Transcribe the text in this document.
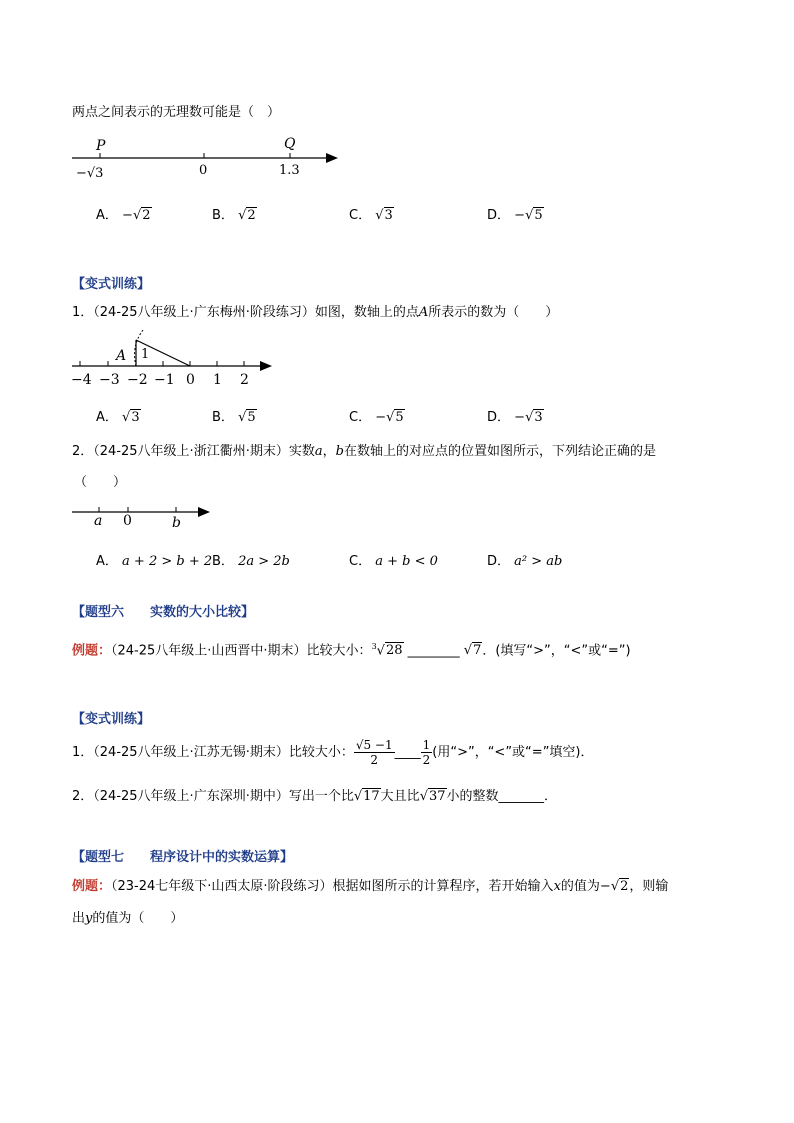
两点之间表示的无理数可能是（　）
P	Q
−√3	0	1.3
A． −√2	B． √2	C． √3	D． −√5
【变式训练】
1．（24-25八年级上·广东梅州·阶段练习）如图，数轴上的点A所表示的数为（　　）
A 1
−4 −3 −2 −1 0 1 2
A． √3	B． √5	C． −√5	D． −√3
2．（24-25八年级上·浙江衢州·期末）实数a，b在数轴上的对应点的位置如图所示，下列结论正确的是
（　　）
a 0	b
A． a + 2 > b + 2 B． 2a > 2b	C． a + b < 0	D． a² > ab
【题型六　　实数的大小比较】
例题：（24-25八年级上·山西晋中·期末）比较大小：$^3$√28 ________ √7．(填写“>”，“<”或“=”)
【变式训练】
1．（24-25八年级上·江苏无锡·期末）比较大小： $\frac{√5 -1}{2}$ ____ $\frac{1}{2}$ (用“>”，“<”或“=”填空)．
2．（24-25八年级上·广东深圳·期中）写出一个比√17大且比√37小的整数_______．
【题型七　　程序设计中的实数运算】
例题：（23-24七年级下·山西太原·阶段练习）根据如图所示的计算程序，若开始输入x的值为−√2，则输
出y的值为（　　）
